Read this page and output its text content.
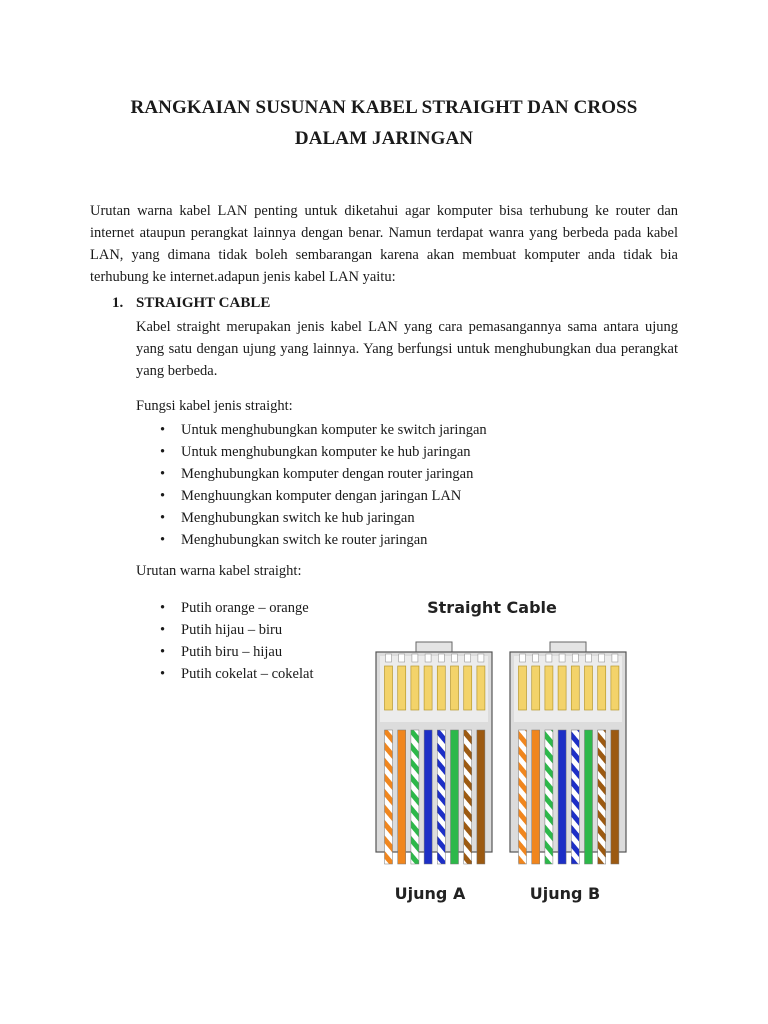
RANGKAIAN SUSUNAN KABEL STRAIGHT DAN CROSS
DALAM JARINGAN
Urutan warna kabel LAN penting untuk diketahui agar komputer bisa terhubung ke router dan internet ataupun perangkat lainnya dengan benar. Namun terdapat wanra yang berbeda pada kabel LAN, yang dimana tidak boleh sembarangan karena akan membuat komputer anda tidak bia terhubung ke internet.adapun jenis kabel LAN yaitu:
1. STRAIGHT CABLE
Kabel straight merupakan jenis kabel LAN yang cara pemasangannya sama antara ujung yang satu dengan ujung yang lainnya. Yang berfungsi untuk menghubungkan dua perangkat yang berbeda.
Fungsi kabel jenis straight:
• Untuk menghubungkan komputer ke switch jaringan
• Untuk menghubungkan komputer ke hub jaringan
• Menghubungkan komputer dengan router jaringan
• Menghuungkan komputer dengan jaringan LAN
• Menghubungkan switch ke hub jaringan
• Menghubungkan switch ke router jaringan
Urutan warna kabel straight:
• Putih orange – orange
• Putih hijau – biru
• Putih biru – hijau
• Putih cokelat – cokelat
Straight Cable
Ujung A	Ujung B
